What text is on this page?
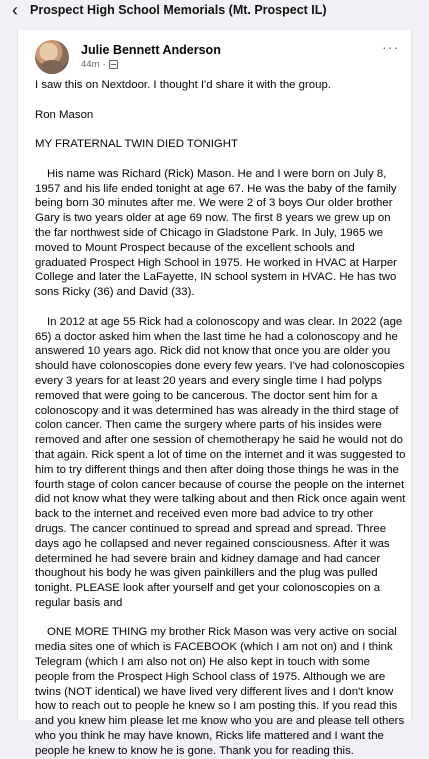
‹ Prospect High School Memorials (Mt. Prospect IL)
Julie Bennett Anderson
44m ·
···

I saw this on Nextdoor. I thought I'd share it with the group.

Ron Mason

MY FRATERNAL TWIN DIED TONIGHT

His name was Richard (Rick) Mason. He and I were born on July 8, 1957 and his life ended tonight at age 67. He was the baby of the family being born 30 minutes after me. We were 2 of 3 boys Our older brother Gary is two years older at age 69 now. The first 8 years we grew up on the far northwest side of Chicago in Gladstone Park. In July, 1965 we moved to Mount Prospect because of the excellent schools and graduated Prospect High School in 1975. He worked in HVAC at Harper College and later the LaFayette, IN school system in HVAC. He has two sons Ricky (36) and David (33).

In 2012 at age 55 Rick had a colonoscopy and was clear. In 2022 (age 65) a doctor asked him when the last time he had a colonoscopy and he answered 10 years ago. Rick did not know that once you are older you should have colonoscopies done every few years. I've had colonoscopies every 3 years for at least 20 years and every single time I had polyps removed that were going to be cancerous. The doctor sent him for a colonoscopy and it was determined has was already in the third stage of colon cancer. Then came the surgery where parts of his insides were removed and after one session of chemotherapy he said he would not do that again. Rick spent a lot of time on the internet and it was suggested to him to try different things and then after doing those things he was in the fourth stage of colon cancer because of course the people on the internet did not know what they were talking about and then Rick once again went back to the internet and received even more bad advice to try other drugs. The cancer continued to spread and spread and spread. Three days ago he collapsed and never regained consciousness. After it was determined he had severe brain and kidney damage and had cancer thoughout his body he was given painkillers and the plug was pulled tonight. PLEASE look after yourself and get your colonoscopies on a regular basis and

ONE MORE THING my brother Rick Mason was very active on social media sites one of which is FACEBOOK (which I am not on) and I think Telegram (which I am also not on) He also kept in touch with some people from the Prospect High School class of 1975. Although we are twins (NOT identical) we have lived very different lives and I don't know how to reach out to people he knew so I am posting this. If you read this and you knew him please let me know who you are and please tell others who you think he may have known, Ricks life mattered and I want the people he knew to know he is gone. Thank you for reading this.
